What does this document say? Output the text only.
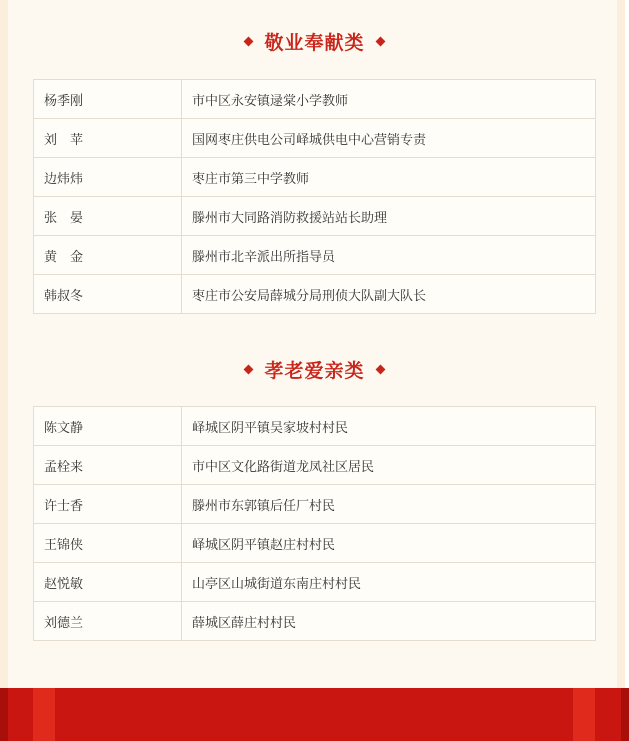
敬业奉献类
杨季刚	市中区永安镇逯棠小学教师
刘　苹	国网枣庄供电公司峄城供电中心营销专责
边炜炜	枣庄市第三中学教师
张　晏	滕州市大同路消防救援站站长助理
黄　金	滕州市北辛派出所指导员
韩叔冬	枣庄市公安局薛城分局刑侦大队副大队长
孝老爱亲类
陈文静	峄城区阴平镇吴家坡村村民
孟栓来	市中区文化路街道龙凤社区居民
许士香	滕州市东郭镇后任厂村民
王锦侠	峄城区阴平镇赵庄村村民
赵悦敏	山亭区山城街道东南庄村村民
刘德兰	薛城区薛庄村村民
